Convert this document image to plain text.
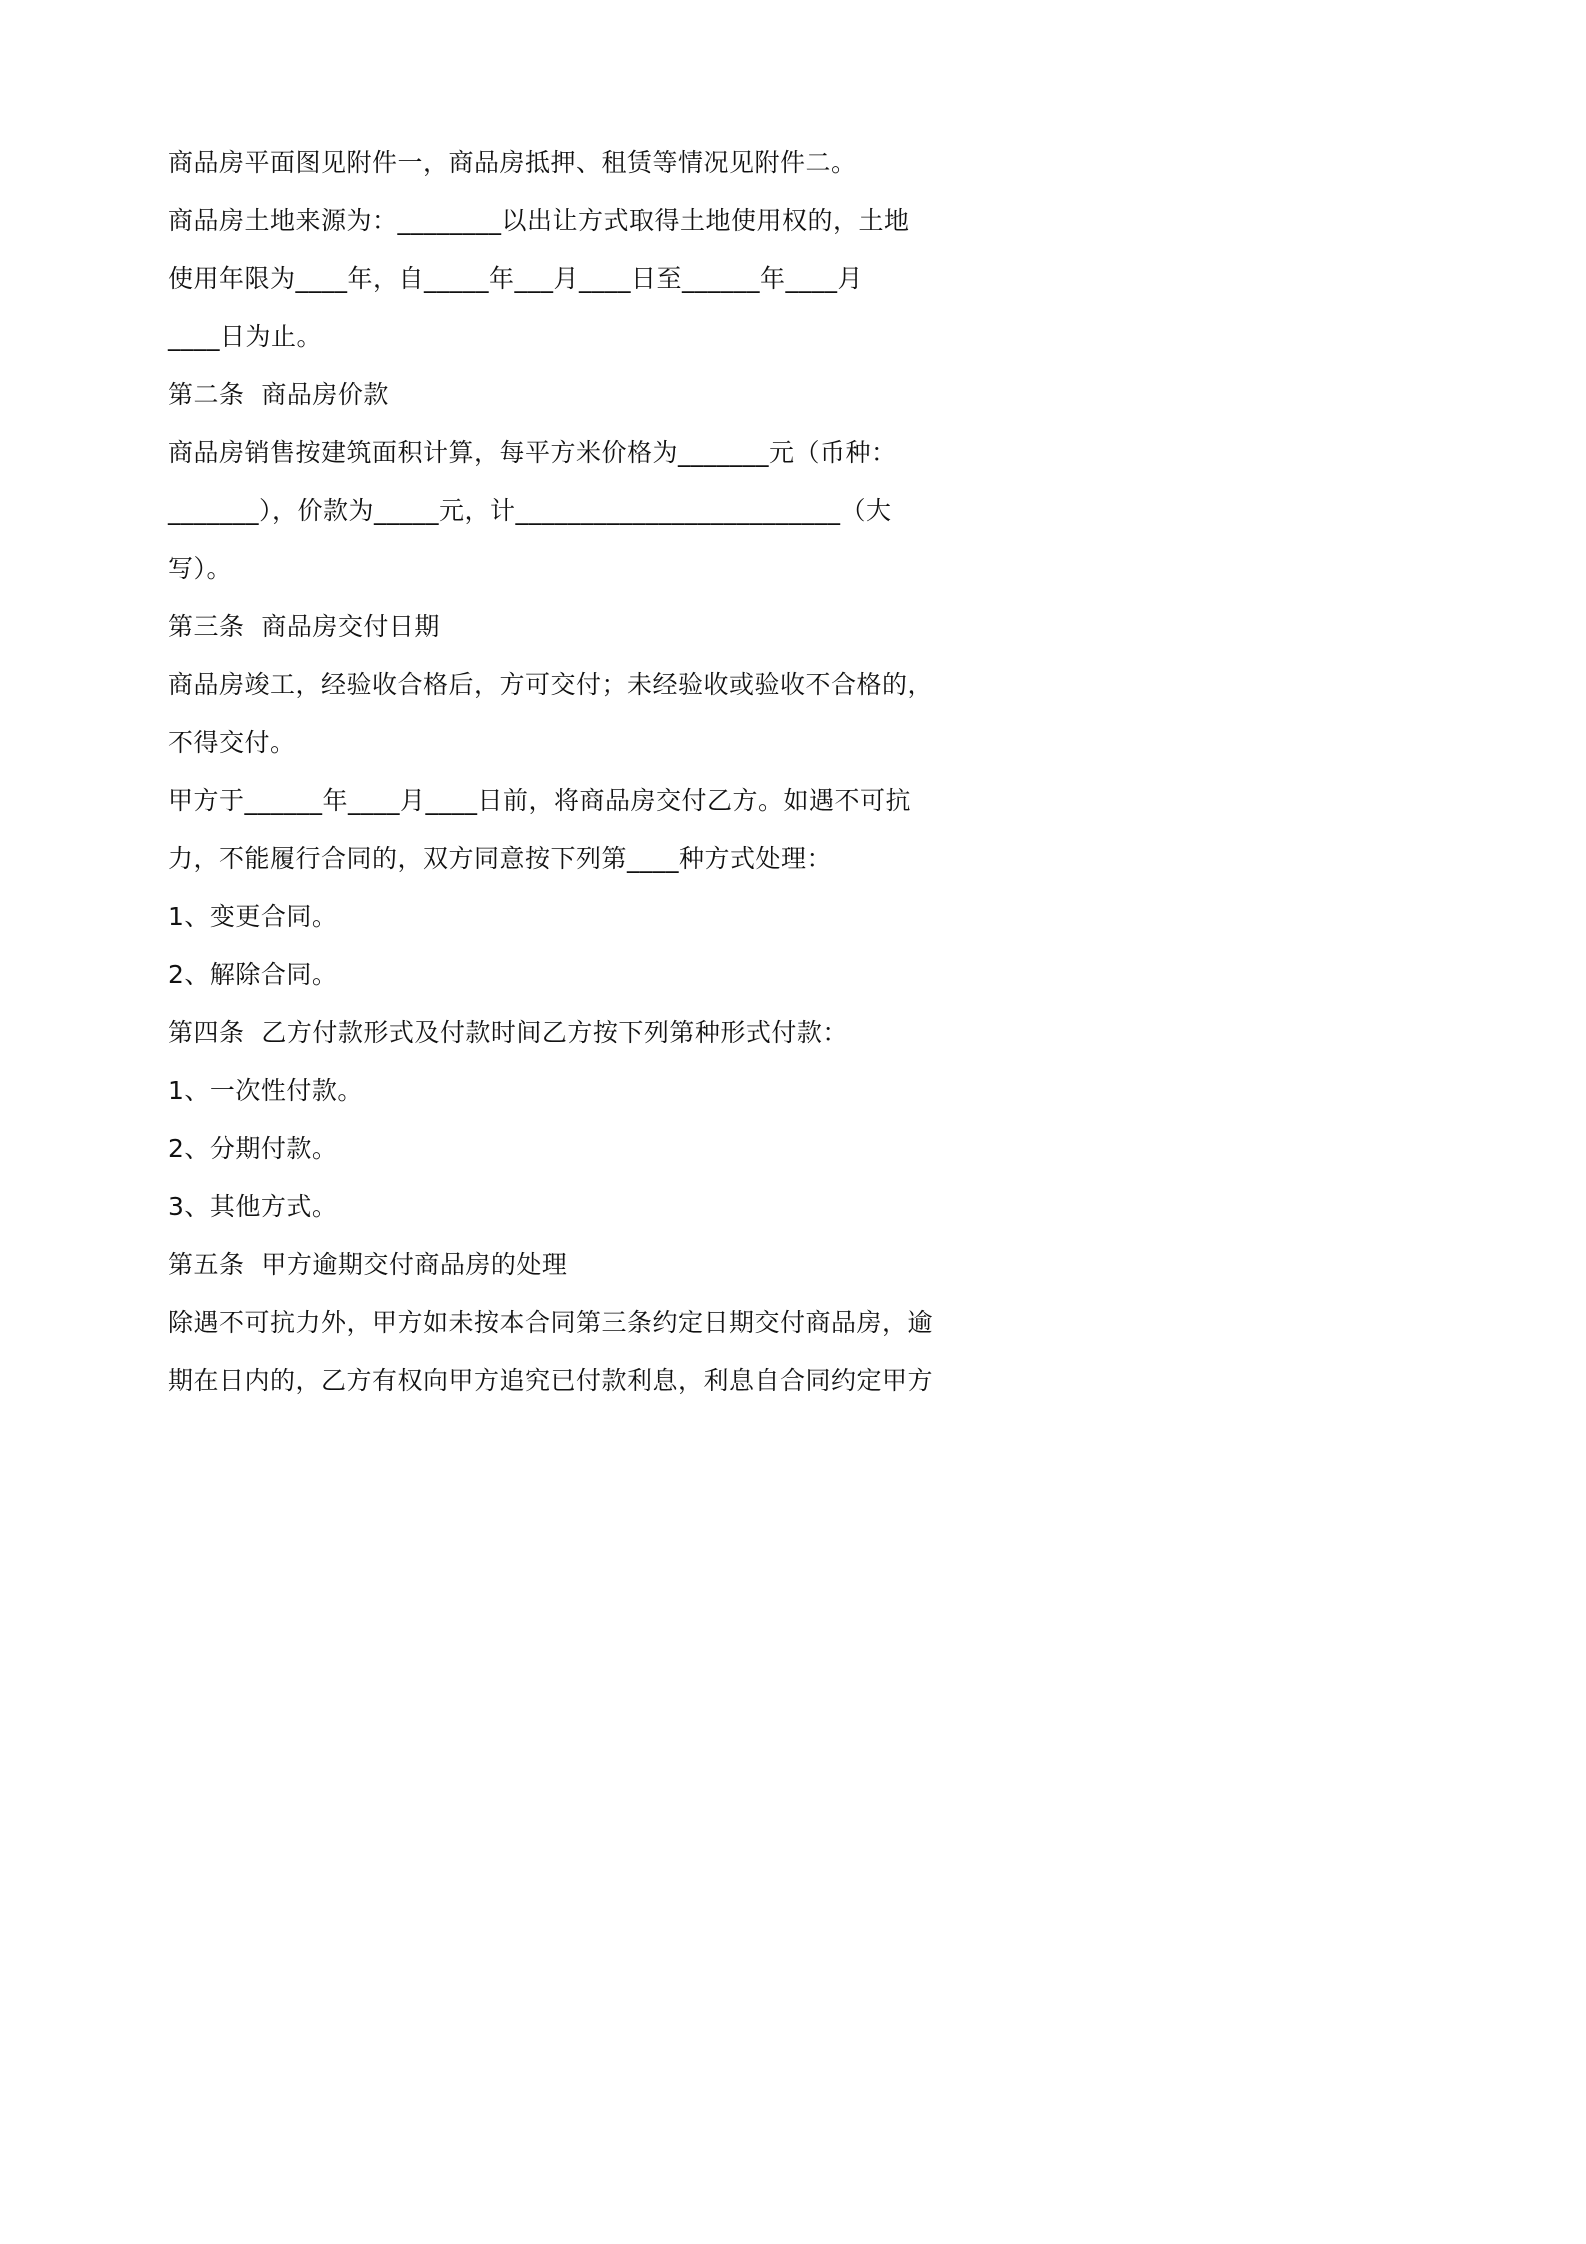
商品房平面图见附件一，商品房抵押、租赁等情况见附件二。
商品房土地来源为：________以出让方式取得土地使用权的，土地
使用年限为____年，自_____年___月____日至______年____月
____日为止。
第二条  商品房价款
商品房销售按建筑面积计算，每平方米价格为_______元（币种：
_______），价款为_____元，计_________________________（大
写）。
第三条  商品房交付日期
商品房竣工，经验收合格后，方可交付；未经验收或验收不合格的，
不得交付。
甲方于______年____月____日前，将商品房交付乙方。如遇不可抗
力，不能履行合同的，双方同意按下列第____种方式处理：
1、变更合同。
2、解除合同。
第四条  乙方付款形式及付款时间乙方按下列第种形式付款：
1、一次性付款。
2、分期付款。
3、其他方式。
第五条  甲方逾期交付商品房的处理
除遇不可抗力外，甲方如未按本合同第三条约定日期交付商品房，逾
期在日内的，乙方有权向甲方追究已付款利息，利息自合同约定甲方
